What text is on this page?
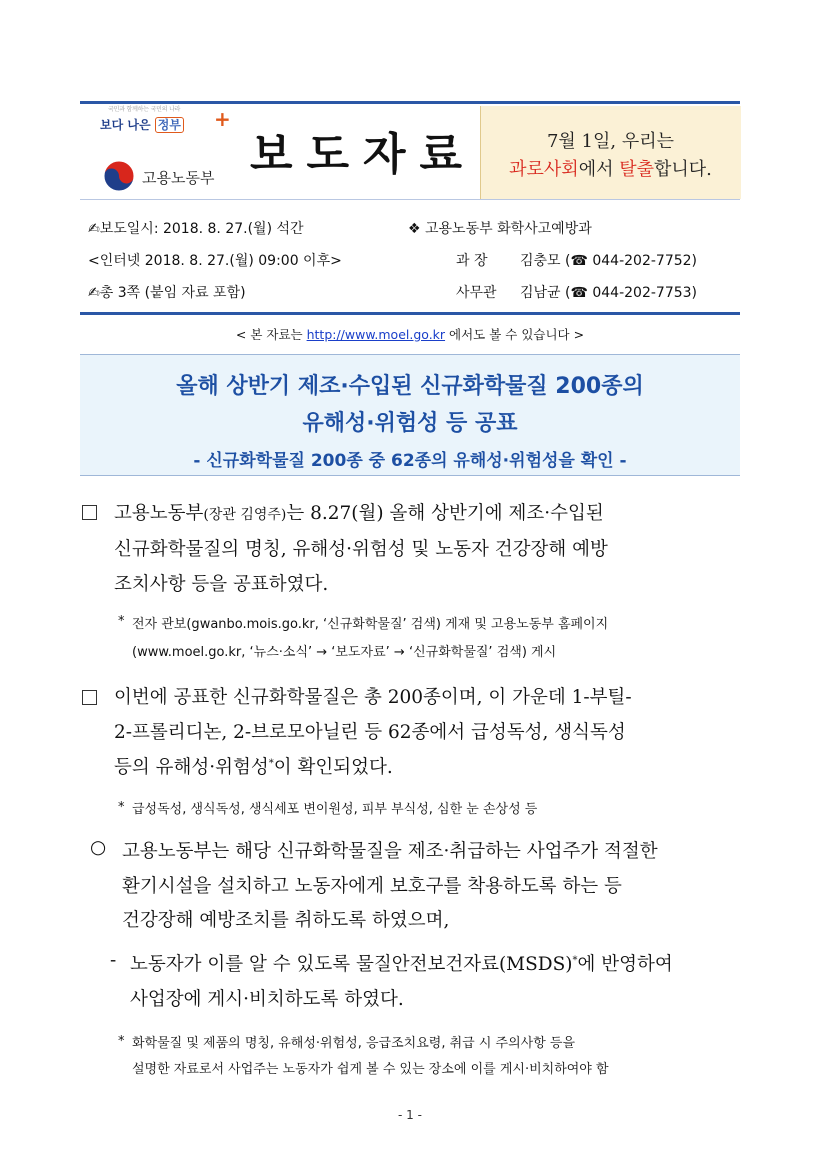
국민과 함께하는 국민의 나라
보다 나은 정부	+
고용노동부 보도자료	7월 1일, 우리는
과로사회에서 탈출합니다.
✍보도일시: 2018. 8. 27.(월) 석간
<인터넷 2018. 8. 27.(월) 09:00 이후>
✍총 3쪽 (붙임 자료 포함)
❖ 고용노동부 화학사고예방과
과 장 김충모 (☎ 044-202-7752)
사무관 김남균 (☎ 044-202-7753)
< 본 자료는 http://www.moel.go.kr 에서도 볼 수 있습니다 >
올해 상반기 제조·수입된 신규화학물질 200종의
유해성·위험성 등 공표
- 신규화학물질 200종 중 62종의 유해성·위험성을 확인 -
고용노동부(장관 김영주)는 8.27(월) 올해 상반기에 제조·수입된
신규화학물질의 명칭, 유해성·위험성 및 노동자 건강장해 예방
조치사항 등을 공표하였다.
* 전자 관보(gwanbo.mois.go.kr, ‘신규화학물질’ 검색) 게재 및 고용노동부 홈페이지
(www.moel.go.kr, ‘뉴스·소식’ → ‘보도자료’ → ‘신규화학물질’ 검색) 게시
이번에 공표한 신규화학물질은 총 200종이며, 이 가운데 1-부틸-
2-프롤리디논, 2-브로모아닐린 등 62종에서 급성독성, 생식독성
등의 유해성·위험성*이 확인되었다.
* 급성독성, 생식독성, 생식세포 변이원성, 피부 부식성, 심한 눈 손상성 등
○ 고용노동부는 해당 신규화학물질을 제조·취급하는 사업주가 적절한
환기시설을 설치하고 노동자에게 보호구를 착용하도록 하는 등
건강장해 예방조치를 취하도록 하였으며,
- 노동자가 이를 알 수 있도록 물질안전보건자료(MSDS)*에 반영하여
사업장에 게시·비치하도록 하였다.
* 화학물질 및 제품의 명칭, 유해성·위험성, 응급조치요령, 취급 시 주의사항 등을
설명한 자료로서 사업주는 노동자가 쉽게 볼 수 있는 장소에 이를 게시·비치하여야 함
- 1 -
